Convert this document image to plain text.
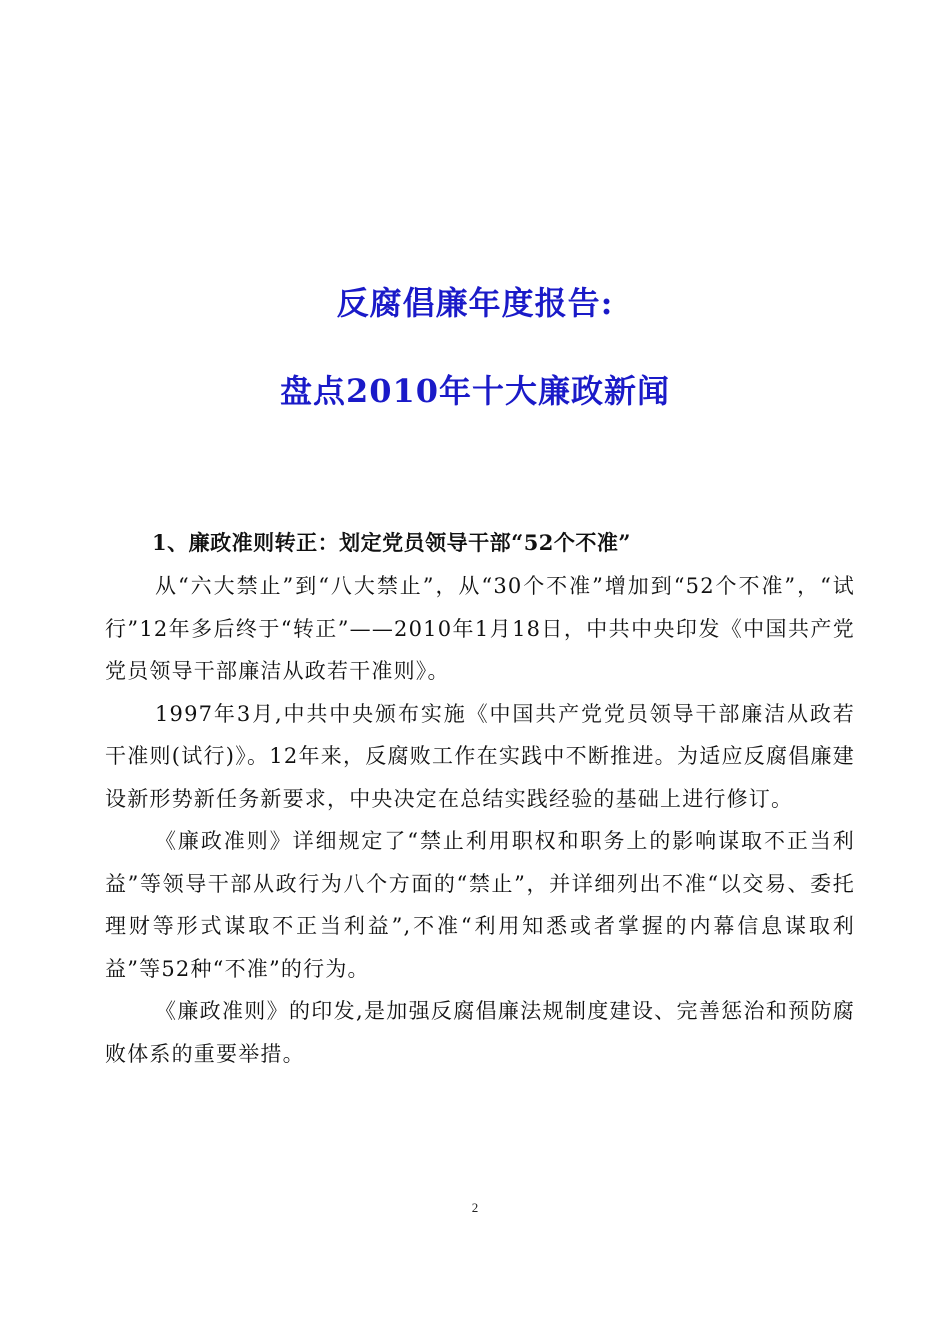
反腐倡廉年度报告:
盘点2010年十大廉政新闻
1、廉政准则转正：划定党员领导干部“52个不准”

从“六大禁止”到“八大禁止”，从“30个不准”增加到“52个不准”，“试行”12年多后终于“转正”——2010年1月18日，中共中央印发《中国共产党党员领导干部廉洁从政若干准则》。

1997年3月,中共中央颁布实施《中国共产党党员领导干部廉洁从政若干准则(试行)》。12年来，反腐败工作在实践中不断推进。为适应反腐倡廉建设新形势新任务新要求，中央决定在总结实践经验的基础上进行修订。

《廉政准则》详细规定了“禁止利用职权和职务上的影响谋取不正当利益”等领导干部从政行为八个方面的“禁止”，并详细列出不准“以交易、委托理财等形式谋取不正当利益”,不准“利用知悉或者掌握的内幕信息谋取利益”等52种“不准”的行为。

《廉政准则》的印发,是加强反腐倡廉法规制度建设、完善惩治和预防腐败体系的重要举措。

2
